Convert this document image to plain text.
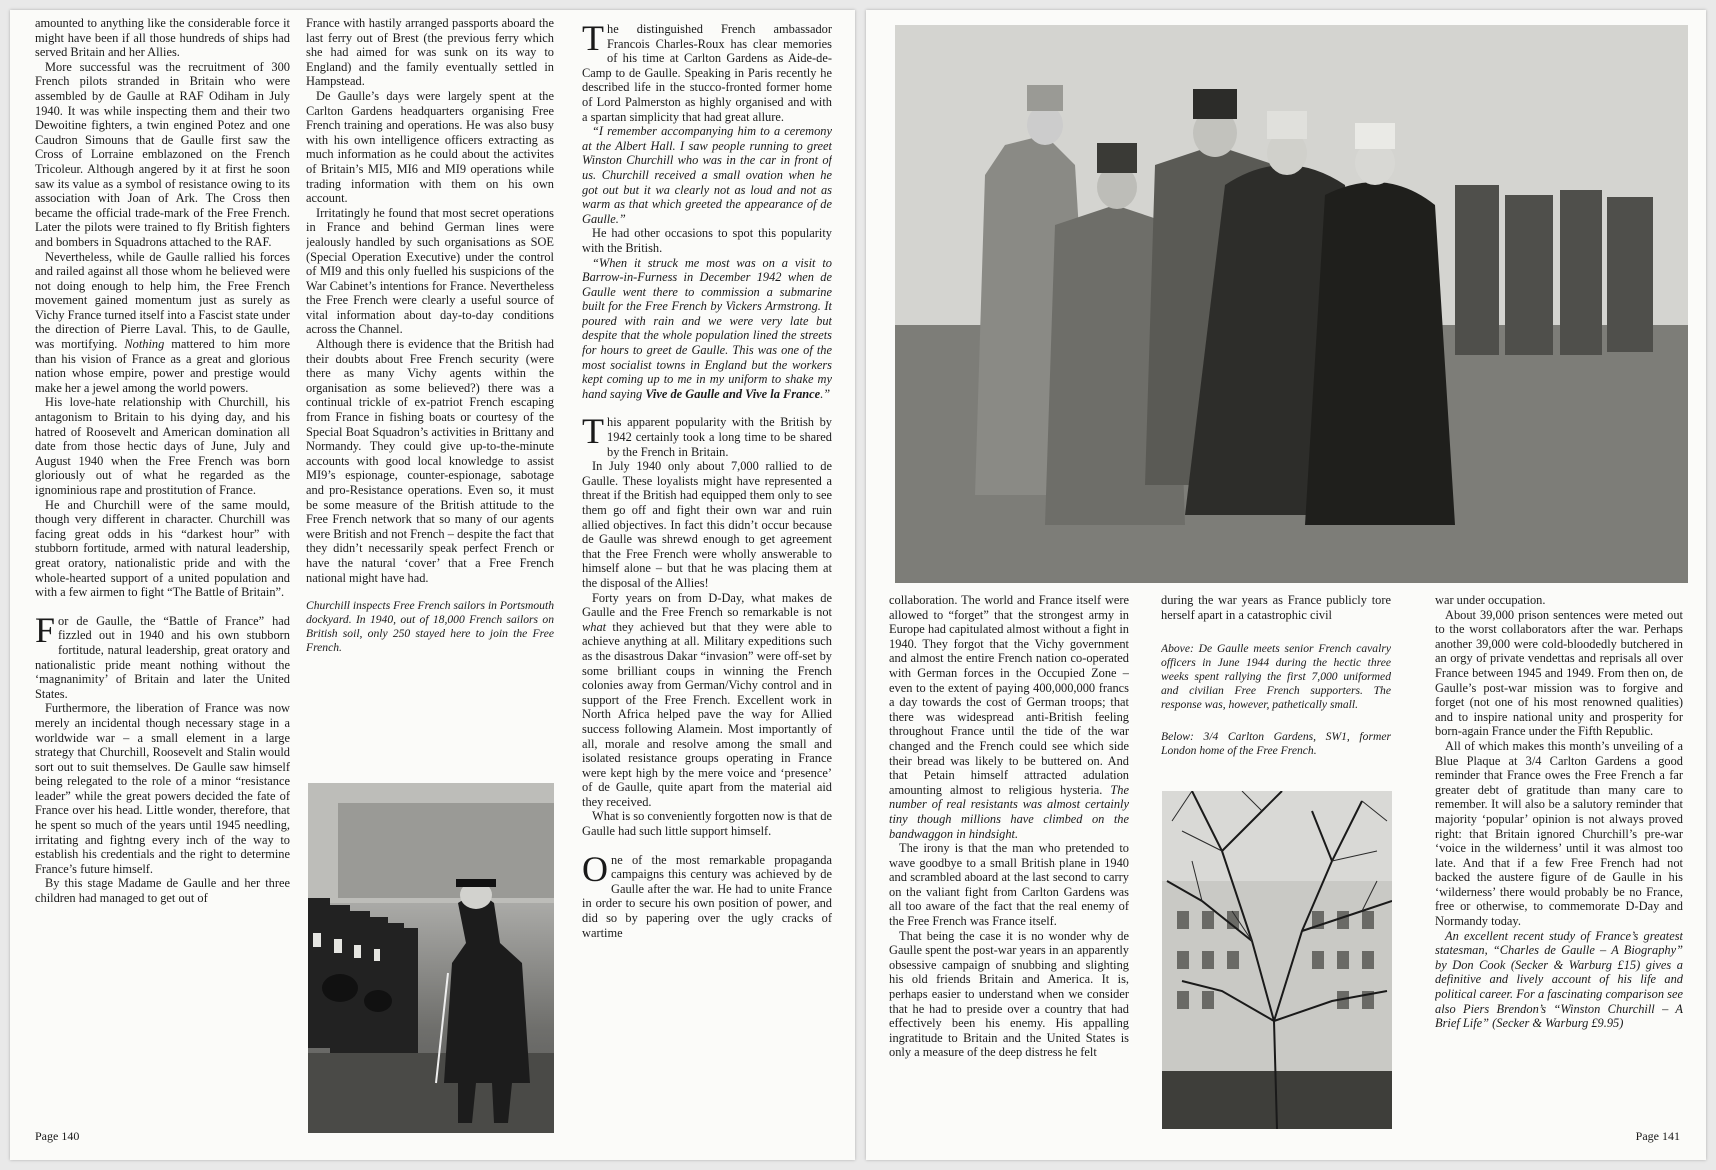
amounted to anything like the considerable force it might have been if all those hundreds of ships had served Britain and her Allies.

More successful was the recruitment of 300 French pilots stranded in Britain who were assembled by de Gaulle at RAF Odiham in July 1940. It was while inspecting them and their two Dewoitine fighters, a twin engined Potez and one Caudron Simouns that de Gaulle first saw the Cross of Lorraine emblazoned on the French Tricoleur. Although angered by it at first he soon saw its value as a symbol of resistance owing to its association with Joan of Ark. The Cross then became the official trade-mark of the Free French. Later the pilots were trained to fly British fighters and bombers in Squadrons attached to the RAF.

Nevertheless, while de Gaulle rallied his forces and railed against all those whom he believed were not doing enough to help him, the Free French movement gained momentum just as surely as Vichy France turned itself into a Fascist state under the direction of Pierre Laval. This, to de Gaulle, was mortifying. Nothing mattered to him more than his vision of France as a great and glorious nation whose empire, power and prestige would make her a jewel among the world powers.

His love-hate relationship with Churchill, his antagonism to Britain to his dying day, and his hatred of Roosevelt and American domination all date from those hectic days of June, July and August 1940 when the Free French was born gloriously out of what he regarded as the ignominious rape and prostitution of France.

He and Churchill were of the same mould, though very different in character. Churchill was facing great odds in his “darkest hour” with stubborn fortitude, armed with natural leadership, great oratory, nationalistic pride and with the whole-hearted support of a united population and with a few airmen to fight “The Battle of Britain”.

For de Gaulle, the “Battle of France” had fizzled out in 1940 and his own stubborn fortitude, natural leadership, great oratory and nationalistic pride meant nothing without the ‘magnanimity’ of Britain and later the United States.

Furthermore, the liberation of France was now merely an incidental though necessary stage in a worldwide war – a small element in a large strategy that Churchill, Roosevelt and Stalin would sort out to suit themselves. De Gaulle saw himself being relegated to the role of a minor “resistance leader” while the great powers decided the fate of France over his head. Little wonder, therefore, that he spent so much of the years until 1945 needling, irritating and fightng every inch of the way to establish his credentials and the right to determine France’s future himself.

By this stage Madame de Gaulle and her three children had managed to get out of

France with hastily arranged passports aboard the last ferry out of Brest (the previous ferry which she had aimed for was sunk on its way to England) and the family eventually settled in Hampstead.

De Gaulle’s days were largely spent at the Carlton Gardens headquarters organising Free French training and operations. He was also busy with his own intelligence officers extracting as much information as he could about the activites of Britain’s MI5, MI6 and MI9 operations while trading information with them on his own account.

Irritatingly he found that most secret operations in France and behind German lines were jealously handled by such organisations as SOE (Special Operation Executive) under the control of MI9 and this only fuelled his suspicions of the War Cabinet’s intentions for France. Nevertheless the Free French were clearly a useful source of vital information about day-to-day conditions across the Channel.

Although there is evidence that the British had their doubts about Free French security (were there as many Vichy agents within the organisation as some believed?) there was a continual trickle of ex-patriot French escaping from France in fishing boats or courtesy of the Special Boat Squadron’s activities in Brittany and Normandy. They could give up-to-the-minute accounts with good local knowledge to assist MI9’s espionage, counter-espionage, sabotage and pro-Resistance operations. Even so, it must be some measure of the British attitude to the Free French network that so many of our agents were British and not French – despite the fact that they didn’t necessarily speak perfect French or have the natural ‘cover’ that a Free French national might have had.

Churchill inspects Free French sailors in Portsmouth dockyard. In 1940, out of 18,000 French sailors on British soil, only 250 stayed here to join the Free French.

The distinguished French ambassador Francois Charles-Roux has clear memories of his time at Carlton Gardens as Aide-de-Camp to de Gaulle. Speaking in Paris recently he described life in the stucco-fronted former home of Lord Palmerston as highly organised and with a spartan simplicity that had great allure.

“I remember accompanying him to a ceremony at the Albert Hall. I saw people running to greet Winston Churchill who was in the car in front of us. Churchill received a small ovation when he got out but it wa clearly not as loud and not as warm as that which greeted the appearance of de Gaulle.”

He had other occasions to spot this popularity with the British.

“When it struck me most was on a visit to Barrow-in-Furness in December 1942 when de Gaulle went there to commission a submarine built for the Free French by Vickers Armstrong. It poured with rain and we were very late but despite that the whole population lined the streets for hours to greet de Gaulle. This was one of the most socialist towns in England but the workers kept coming up to me in my uniform to shake my hand saying Vive de Gaulle and Vive la France.”

This apparent popularity with the British by 1942 certainly took a long time to be shared by the French in Britain.

In July 1940 only about 7,000 rallied to de Gaulle. These loyalists might have represented a threat if the British had equipped them only to see them go off and fight their own war and ruin allied objectives. In fact this didn’t occur because de Gaulle was shrewd enough to get agreement that the Free French were wholly answerable to himself alone – but that he was placing them at the disposal of the Allies!

Forty years on from D-Day, what makes de Gaulle and the Free French so remarkable is not what they achieved but that they were able to achieve anything at all. Military expeditions such as the disastrous Dakar “invasion” were off-set by some brilliant coups in winning the French colonies away from German/Vichy control and in support of the Free French. Excellent work in North Africa helped pave the way for Allied success following Alamein. Most importantly of all, morale and resolve among the small and isolated resistance groups operating in France were kept high by the mere voice and ‘presence’ of de Gaulle, quite apart from the material aid they received.

What is so conveniently forgotten now is that de Gaulle had such little support himself.

One of the most remarkable propaganda campaigns this century was achieved by de Gaulle after the war. He had to unite France in order to secure his own position of power, and did so by papering over the ugly cracks of wartime

Page 140

collaboration. The world and France itself were allowed to “forget” that the strongest army in Europe had capitulated almost without a fight in 1940. They forgot that the Vichy government and almost the entire French nation co-operated with German forces in the Occupied Zone – even to the extent of paying 400,000,000 francs a day towards the cost of German troops; that there was widespread anti-British feeling throughout France until the tide of the war changed and the French could see which side their bread was likely to be buttered on. And that Petain himself attracted adulation amounting almost to religious hysteria. The number of real resistants was almost certainly tiny though millions have climbed on the bandwaggon in hindsight.

The irony is that the man who pretended to wave goodbye to a small British plane in 1940 and scrambled aboard at the last second to carry on the valiant fight from Carlton Gardens was all too aware of the fact that the real enemy of the Free French was France itself.

That being the case it is no wonder why de Gaulle spent the post-war years in an apparently obsessive campaign of snubbing and slighting his old friends Britain and America. It is, perhaps easier to understand when we consider that he had to preside over a country that had effectively been his enemy. His appalling ingratitude to Britain and the United States is only a measure of the deep distress he felt

during the war years as France publicly tore herself apart in a catastrophic civil

Above: De Gaulle meets senior French cavalry officers in June 1944 during the hectic three weeks spent rallying the first 7,000 uniformed and civilian Free French supporters. The response was, however, pathetically small.
Below: 3/4 Carlton Gardens, SW1, former London home of the Free French.

war under occupation.

About 39,000 prison sentences were meted out to the worst collaborators after the war. Perhaps another 39,000 were cold-bloodedly butchered in an orgy of private vendettas and reprisals all over France between 1945 and 1949. From then on, de Gaulle’s post-war mission was to forgive and forget (not one of his most renowned qualities) and to inspire national unity and prosperity for born-again France under the Fifth Republic.

All of which makes this month’s unveiling of a Blue Plaque at 3/4 Carlton Gardens a good reminder that France owes the Free French a far greater debt of gratitude than many care to remember. It will also be a salutory reminder that majority ‘popular’ opinion is not always proved right: that Britain ignored Churchill’s pre-war ‘voice in the wilderness’ until it was almost too late. And that if a few Free French had not backed the austere figure of de Gaulle in his ‘wilderness’ there would probably be no France, free or otherwise, to commemorate D-Day and Normandy today.

An excellent recent study of France’s greatest statesman, “Charles de Gaulle – A Biography” by Don Cook (Secker & Warburg £15) gives a definitive and lively account of his life and political career. For a fascinating comparison see also Piers Brendon’s “Winston Churchill – A Brief Life” (Secker & Warburg £9.95)

Page 141
